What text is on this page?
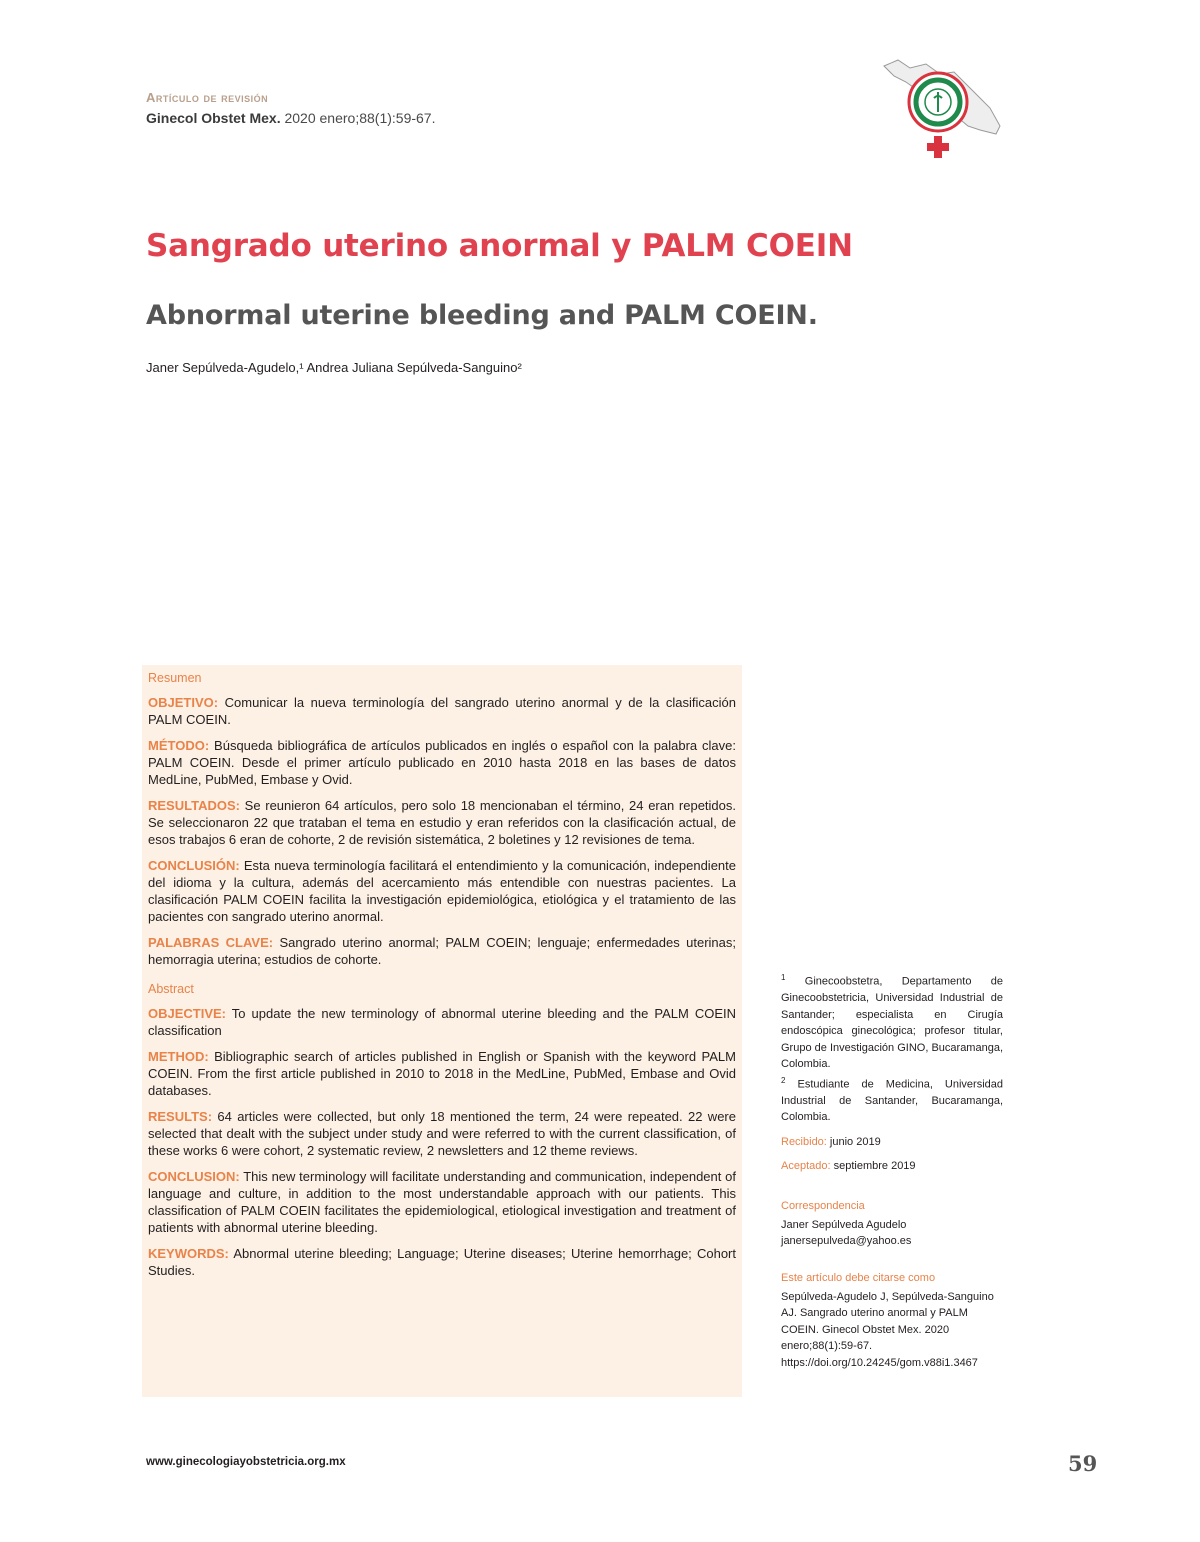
Artículo de revisión
Ginecol Obstet Mex. 2020 enero;88(1):59-67.
Sangrado uterino anormal y PALM COEIN
Abnormal uterine bleeding and PALM COEIN.
Janer Sepúlveda-Agudelo,¹ Andrea Juliana Sepúlveda-Sanguino²
Resumen

OBJETIVO: Comunicar la nueva terminología del sangrado uterino anormal y de la clasificación PALM COEIN.

MÉTODO: Búsqueda bibliográfica de artículos publicados en inglés o español con la palabra clave: PALM COEIN. Desde el primer artículo publicado en 2010 hasta 2018 en las bases de datos MedLine, PubMed, Embase y Ovid.

RESULTADOS: Se reunieron 64 artículos, pero solo 18 mencionaban el término, 24 eran repetidos. Se seleccionaron 22 que trataban el tema en estudio y eran referidos con la clasificación actual, de esos trabajos 6 eran de cohorte, 2 de revisión sistemática, 2 boletines y 12 revisiones de tema.

CONCLUSIÓN: Esta nueva terminología facilitará el entendimiento y la comunicación, independiente del idioma y la cultura, además del acercamiento más entendible con nuestras pacientes. La clasificación PALM COEIN facilita la investigación epidemiológica, etiológica y el tratamiento de las pacientes con sangrado uterino anormal.

PALABRAS CLAVE: Sangrado uterino anormal; PALM COEIN; lenguaje; enfermedades uterinas; hemorragia uterina; estudios de cohorte.

Abstract

OBJECTIVE: To update the new terminology of abnormal uterine bleeding and the PALM COEIN classification

METHOD: Bibliographic search of articles published in English or Spanish with the keyword PALM COEIN. From the first article published in 2010 to 2018 in the MedLine, PubMed, Embase and Ovid databases.

RESULTS: 64 articles were collected, but only 18 mentioned the term, 24 were repeated. 22 were selected that dealt with the subject under study and were referred to with the current classification, of these works 6 were cohort, 2 systematic review, 2 newsletters and 12 theme reviews.

CONCLUSION: This new terminology will facilitate understanding and communication, independent of language and culture, in addition to the most understandable approach with our patients. This classification of PALM COEIN facilitates the epidemiological, etiological investigation and treatment of patients with abnormal uterine bleeding.

KEYWORDS: Abnormal uterine bleeding; Language; Uterine diseases; Uterine hemorrhage; Cohort Studies.

$^1$ Ginecoobstetra, Departamento de Ginecoobstetricia, Universidad Industrial de Santander; especialista en Cirugía endoscópica ginecológica; profesor titular, Grupo de Investigación GINO, Bucaramanga, Colombia.

$^2$ Estudiante de Medicina, Universidad Industrial de Santander, Bucaramanga, Colombia.

Recibido: junio 2019

Aceptado: septiembre 2019

Correspondencia

Janer Sepúlveda Agudelo

janersepulveda@yahoo.es

Este artículo debe citarse como

Sepúlveda-Agudelo J, Sepúlveda-Sanguino AJ. Sangrado uterino anormal y PALM COEIN. Ginecol Obstet Mex. 2020 enero;88(1):59-67.

https://doi.org/10.24245/gom.v88i1.3467

www.ginecologiayobstetricia.org.mx	59
